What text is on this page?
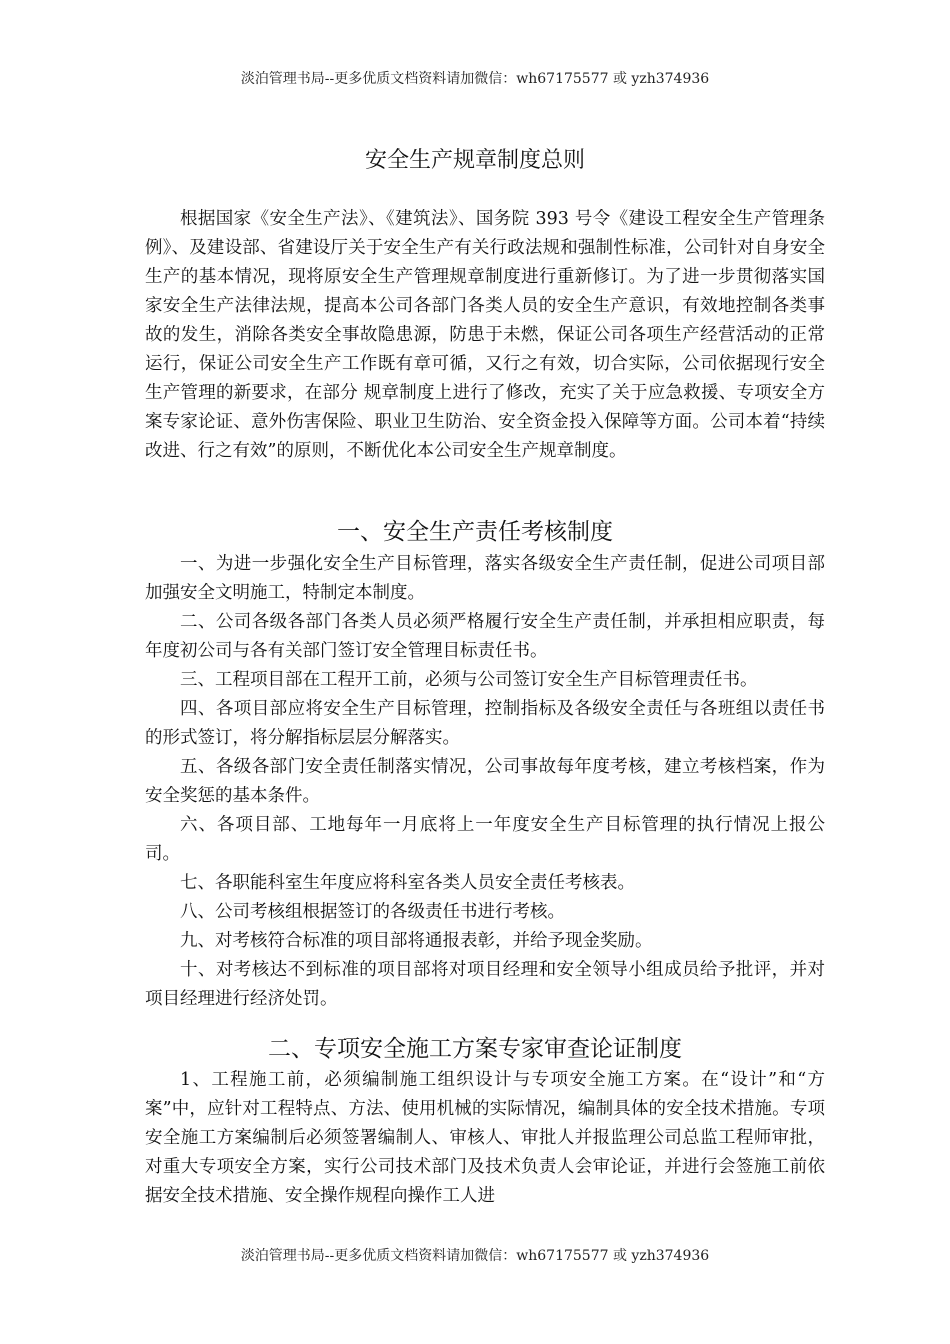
淡泊管理书局--更多优质文档资料请加微信：wh67175577 或 yzh374936
安全生产规章制度总则

根据国家《安全生产法》、《建筑法》、国务院 393 号令《建设工程安全生产管理条例》、及建设部、省建设厅关于安全生产有关行政法规和强制性标准，公司针对自身安全生产的基本情况，现将原安全生产管理规章制度进行重新修订。为了进一步贯彻落实国家安全生产法律法规，提高本公司各部门各类人员的安全生产意识，有效地控制各类事故的发生，消除各类安全事故隐患源，防患于未燃，保证公司各项生产经营活动的正常运行，保证公司安全生产工作既有章可循，又行之有效，切合实际，公司依据现行安全生产管理的新要求，在部分 规章制度上进行了修改，充实了关于应急救援、专项安全方案专家论证、意外伤害保险、职业卫生防治、安全资金投入保障等方面。公司本着“持续改进、行之有效”的原则，不断优化本公司安全生产规章制度。

一、安全生产责任考核制度
一、为进一步强化安全生产目标管理，落实各级安全生产责任制，促进公司项目部加强安全文明施工，特制定本制度。
二、公司各级各部门各类人员必须严格履行安全生产责任制，并承担相应职责，每年度初公司与各有关部门签订安全管理目标责任书。
三、工程项目部在工程开工前，必须与公司签订安全生产目标管理责任书。
四、各项目部应将安全生产目标管理，控制指标及各级安全责任与各班组以责任书的形式签订，将分解指标层层分解落实。
五、各级各部门安全责任制落实情况，公司事故每年度考核，建立考核档案，作为安全奖惩的基本条件。
六、各项目部、工地每年一月底将上一年度安全生产目标管理的执行情况上报公司。
七、各职能科室生年度应将科室各类人员安全责任考核表。
八、公司考核组根据签订的各级责任书进行考核。
九、对考核符合标准的项目部将通报表彰，并给予现金奖励。
十、对考核达不到标准的项目部将对项目经理和安全领导小组成员给予批评，并对项目经理进行经济处罚。
二、专项安全施工方案专家审查论证制度
1、工程施工前，必须编制施工组织设计与专项安全施工方案。在“设计”和“方案”中，应针对工程特点、方法、使用机械的实际情况，编制具体的安全技术措施。专项安全施工方案编制后必须签署编制人、审核人、审批人并报监理公司总监工程师审批，对重大专项安全方案，实行公司技术部门及技术负责人会审论证，并进行会签施工前依据安全技术措施、安全操作规程向操作工人进
淡泊管理书局--更多优质文档资料请加微信：wh67175577 或 yzh374936
